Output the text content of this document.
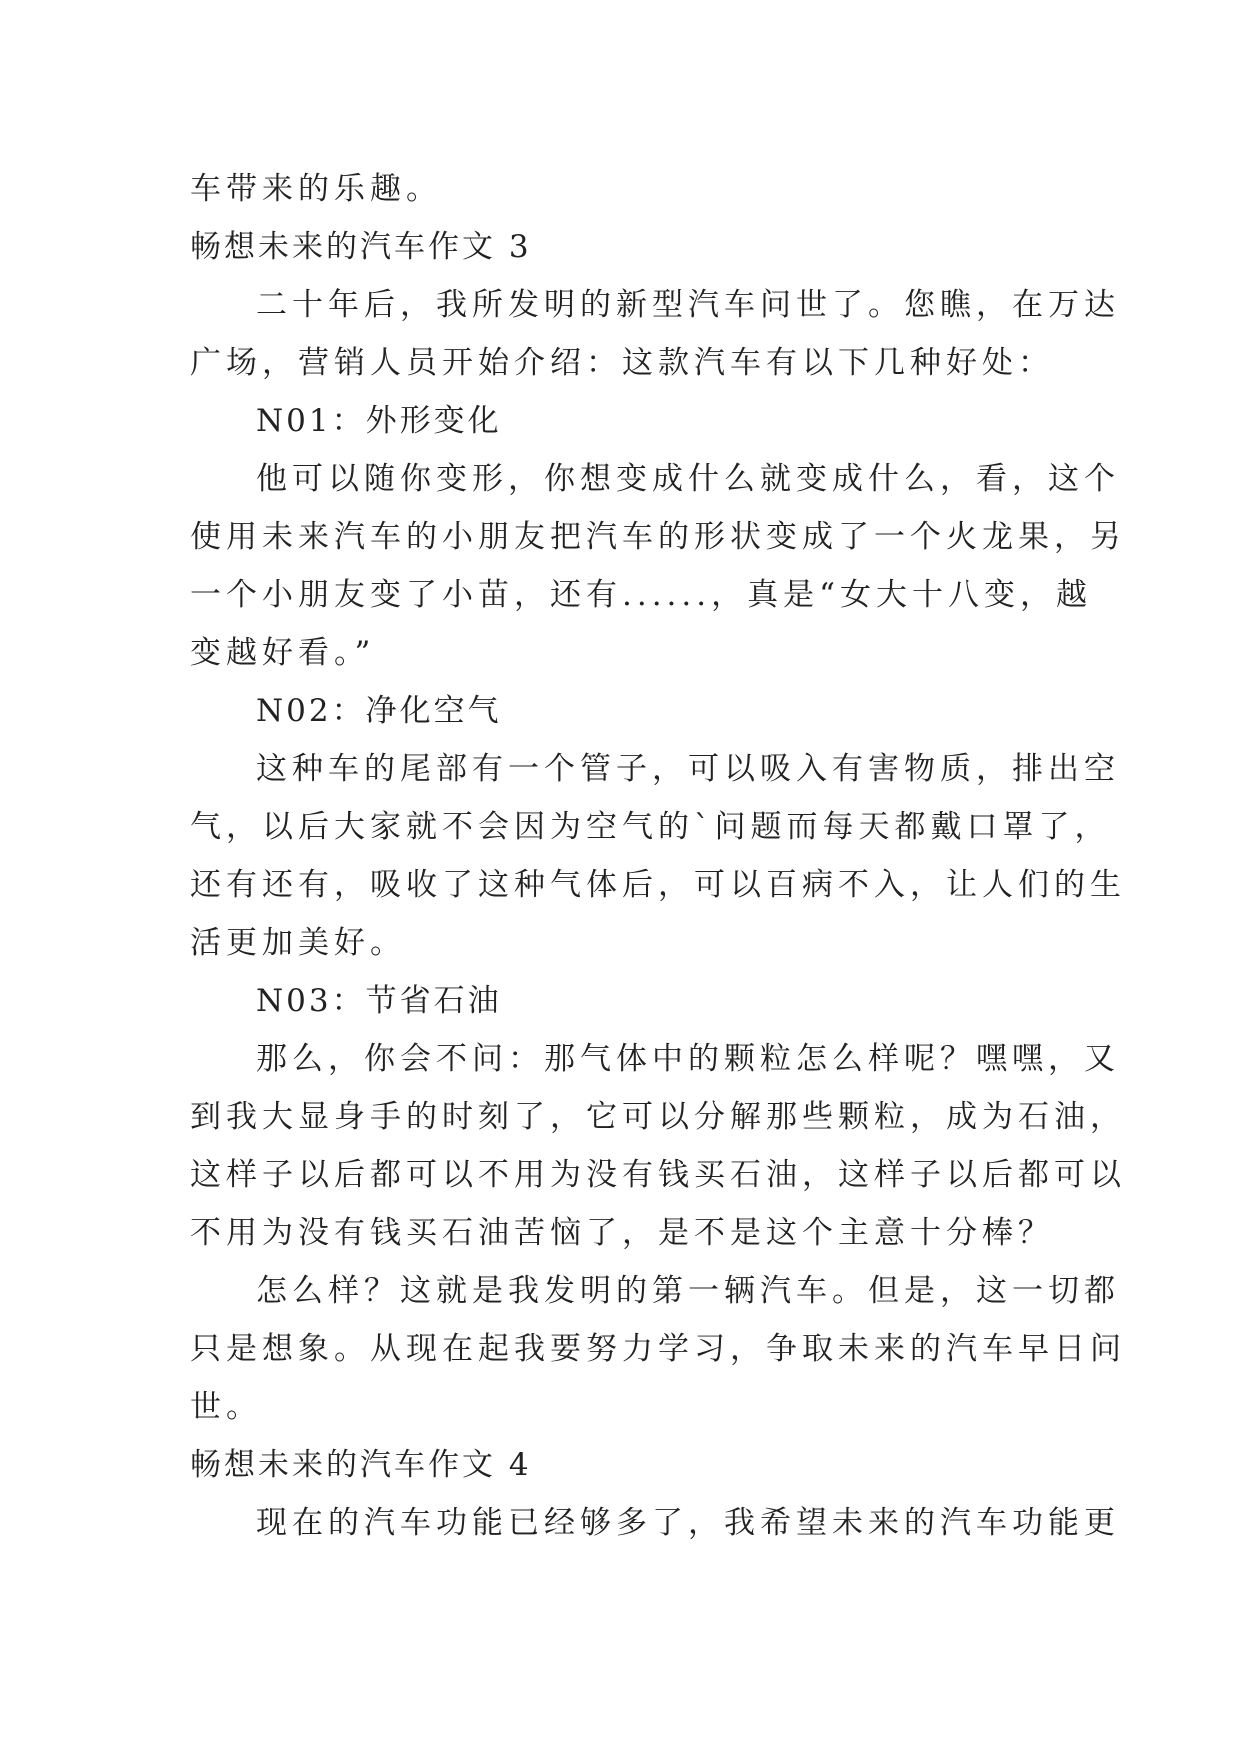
车带来的乐趣。
畅想未来的汽车作文 3
二十年后，我所发明的新型汽车问世了。您瞧，在万达
广场，营销人员开始介绍：这款汽车有以下几种好处：
N01：外形变化
他可以随你变形，你想变成什么就变成什么，看，这个
使用未来汽车的小朋友把汽车的形状变成了一个火龙果，另
一个小朋友变了小苗，还有......，真是“女大十八变，越
变越好看。”
N02：净化空气
这种车的尾部有一个管子，可以吸入有害物质，排出空
气，以后大家就不会因为空气的`问题而每天都戴口罩了，
还有还有，吸收了这种气体后，可以百病不入，让人们的生
活更加美好。
N03：节省石油
那么，你会不问：那气体中的颗粒怎么样呢？嘿嘿，又
到我大显身手的时刻了，它可以分解那些颗粒，成为石油，
这样子以后都可以不用为没有钱买石油，这样子以后都可以
不用为没有钱买石油苦恼了，是不是这个主意十分棒？
怎么样？这就是我发明的第一辆汽车。但是，这一切都
只是想象。从现在起我要努力学习，争取未来的汽车早日问
世。
畅想未来的汽车作文 4
现在的汽车功能已经够多了，我希望未来的汽车功能更
